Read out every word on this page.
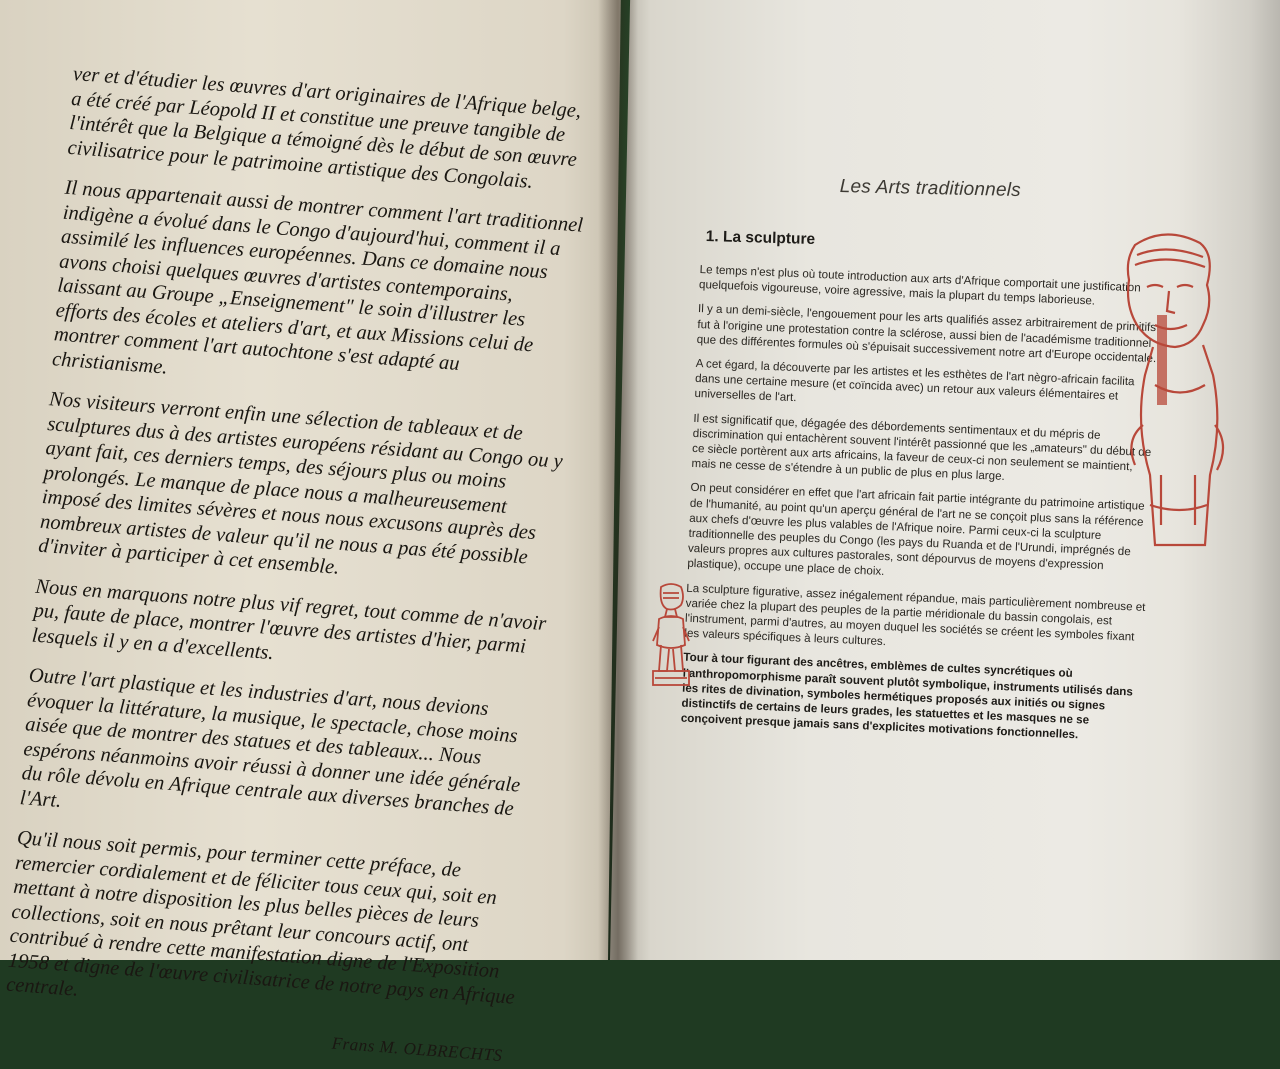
ver et d'étudier les œuvres d'art originaires de l'Afrique belge, a été créé par Léopold II et constitue une preuve tangible de l'intérêt que la Belgique a témoigné dès le début de son œuvre civilisatrice pour le patrimoine artistique des Congolais.

Il nous appartenait aussi de montrer comment l'art traditionnel indigène a évolué dans le Congo d'aujourd'hui, comment il a assimilé les influences européennes. Dans ce domaine nous avons choisi quelques œuvres d'artistes contemporains, laissant au Groupe „Enseignement" le soin d'illustrer les efforts des écoles et ateliers d'art, et aux Missions celui de montrer comment l'art autochtone s'est adapté au christianisme.

Nos visiteurs verront enfin une sélection de tableaux et de sculptures dus à des artistes européens résidant au Congo ou y ayant fait, ces derniers temps, des séjours plus ou moins prolongés. Le manque de place nous a malheureusement imposé des limites sévères et nous nous excusons auprès des nombreux artistes de valeur qu'il ne nous a pas été possible d'inviter à participer à cet ensemble.

Nous en marquons notre plus vif regret, tout comme de n'avoir pu, faute de place, montrer l'œuvre des artistes d'hier, parmi lesquels il y en a d'excellents.

Outre l'art plastique et les industries d'art, nous devions évoquer la littérature, la musique, le spectacle, chose moins aisée que de montrer des statues et des tableaux... Nous espérons néanmoins avoir réussi à donner une idée générale du rôle dévolu en Afrique centrale aux diverses branches de l'Art.

Qu'il nous soit permis, pour terminer cette préface, de remercier cordialement et de féliciter tous ceux qui, soit en mettant à notre disposition les plus belles pièces de leurs collections, soit en nous prêtant leur concours actif, ont contribué à rendre cette manifestation digne de l'Exposition 1958 et digne de l'œuvre civilisatrice de notre pays en Afrique centrale.

Frans M. OLBRECHTS
Les Arts traditionnels
1. La sculpture

Le temps n'est plus où toute introduction aux arts d'Afrique comportait une justification quelquefois vigoureuse, voire agressive, mais la plupart du temps laborieuse.

Il y a un demi-siècle, l'engouement pour les arts qualifiés assez arbitrairement de primitifs fut à l'origine une protestation contre la sclérose, aussi bien de l'académisme traditionnel que des différentes formules où s'épuisait successivement notre art d'Europe occidentale.

A cet égard, la découverte par les artistes et les esthètes de l'art nègro-africain facilita dans une certaine mesure (et coïncida avec) un retour aux valeurs élémentaires et universelles de l'art.

Il est significatif que, dégagée des débordements sentimentaux et du mépris de discrimination qui entachèrent souvent l'intérêt passionné que les „amateurs" du début de ce siècle portèrent aux arts africains, la faveur de ceux-ci non seulement se maintient, mais ne cesse de s'étendre à un public de plus en plus large.

On peut considérer en effet que l'art africain fait partie intégrante du patrimoine artistique de l'humanité, au point qu'un aperçu général de l'art ne se conçoit plus sans la référence aux chefs d'œuvre les plus valables de l'Afrique noire. Parmi ceux-ci la sculpture traditionnelle des peuples du Congo (les pays du Ruanda et de l'Urundi, imprégnés de valeurs propres aux cultures pastorales, sont dépourvus de moyens d'expression plastique), occupe une place de choix.

La sculpture figurative, assez inégalement répandue, mais particulièrement nombreuse et variée chez la plupart des peuples de la partie méridionale du bassin congolais, est l'instrument, parmi d'autres, au moyen duquel les sociétés se créent les symboles fixant les valeurs spécifiques à leurs cultures.

Tour à tour figurant des ancêtres, emblèmes de cultes syncrétiques où l'anthropomorphisme paraît souvent plutôt symbolique, instruments utilisés dans les rites de divination, symboles hermétiques proposés aux initiés ou signes distinctifs de certains de leurs grades, les statuettes et les masques ne se conçoivent presque jamais sans d'explicites motivations fonctionnelles.
